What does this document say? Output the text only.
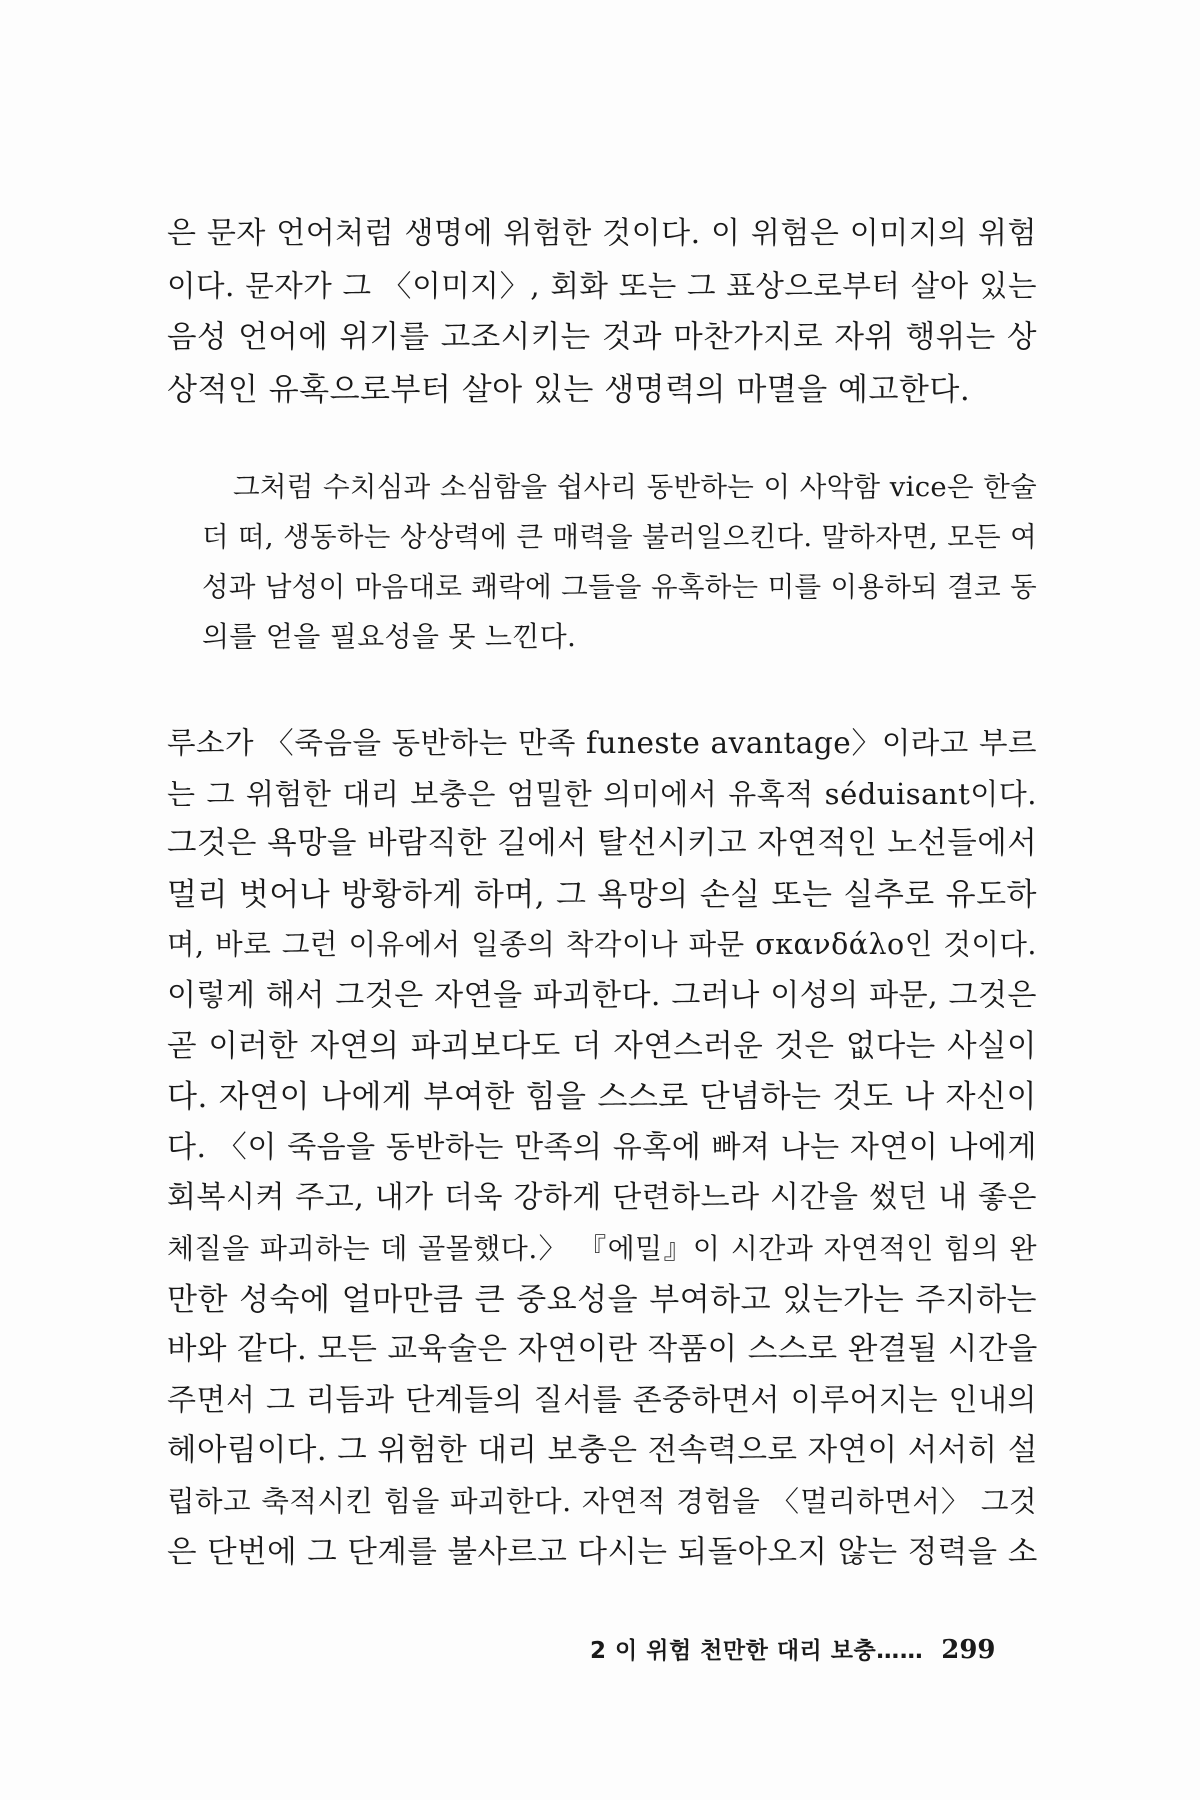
은 문자 언어처럼 생명에 위험한 것이다. 이 위험은 이미지의 위험
이다. 문자가 그 〈이미지〉, 회화 또는 그 표상으로부터 살아 있는
음성 언어에 위기를 고조시키는 것과 마찬가지로 자위 행위는 상
상적인 유혹으로부터 살아 있는 생명력의 마멸을 예고한다.
그처럼 수치심과 소심함을 쉽사리 동반하는 이 사악함 vice은 한술
더 떠, 생동하는 상상력에 큰 매력을 불러일으킨다. 말하자면, 모든 여
성과 남성이 마음대로 쾌락에 그들을 유혹하는 미를 이용하되 결코 동
의를 얻을 필요성을 못 느낀다.
루소가 〈죽음을 동반하는 만족 funeste avantage〉이라고 부르
는 그 위험한 대리 보충은 엄밀한 의미에서 유혹적 séduisant이다.
그것은 욕망을 바람직한 길에서 탈선시키고 자연적인 노선들에서
멀리 벗어나 방황하게 하며, 그 욕망의 손실 또는 실추로 유도하
며, 바로 그런 이유에서 일종의 착각이나 파문 σκανδάλο인 것이다.
이렇게 해서 그것은 자연을 파괴한다. 그러나 이성의 파문, 그것은
곧 이러한 자연의 파괴보다도 더 자연스러운 것은 없다는 사실이
다. 자연이 나에게 부여한 힘을 스스로 단념하는 것도 나 자신이
다. 〈이 죽음을 동반하는 만족의 유혹에 빠져 나는 자연이 나에게
회복시켜 주고, 내가 더욱 강하게 단련하느라 시간을 썼던 내 좋은
체질을 파괴하는 데 골몰했다.〉 『에밀』이 시간과 자연적인 힘의 완
만한 성숙에 얼마만큼 큰 중요성을 부여하고 있는가는 주지하는
바와 같다. 모든 교육술은 자연이란 작품이 스스로 완결될 시간을
주면서 그 리듬과 단계들의 질서를 존중하면서 이루어지는 인내의
헤아림이다. 그 위험한 대리 보충은 전속력으로 자연이 서서히 설
립하고 축적시킨 힘을 파괴한다. 자연적 경험을 〈멀리하면서〉 그것
은 단번에 그 단계를 불사르고 다시는 되돌아오지 않는 정력을 소
2 이 위험 천만한 대리 보충…… 299
